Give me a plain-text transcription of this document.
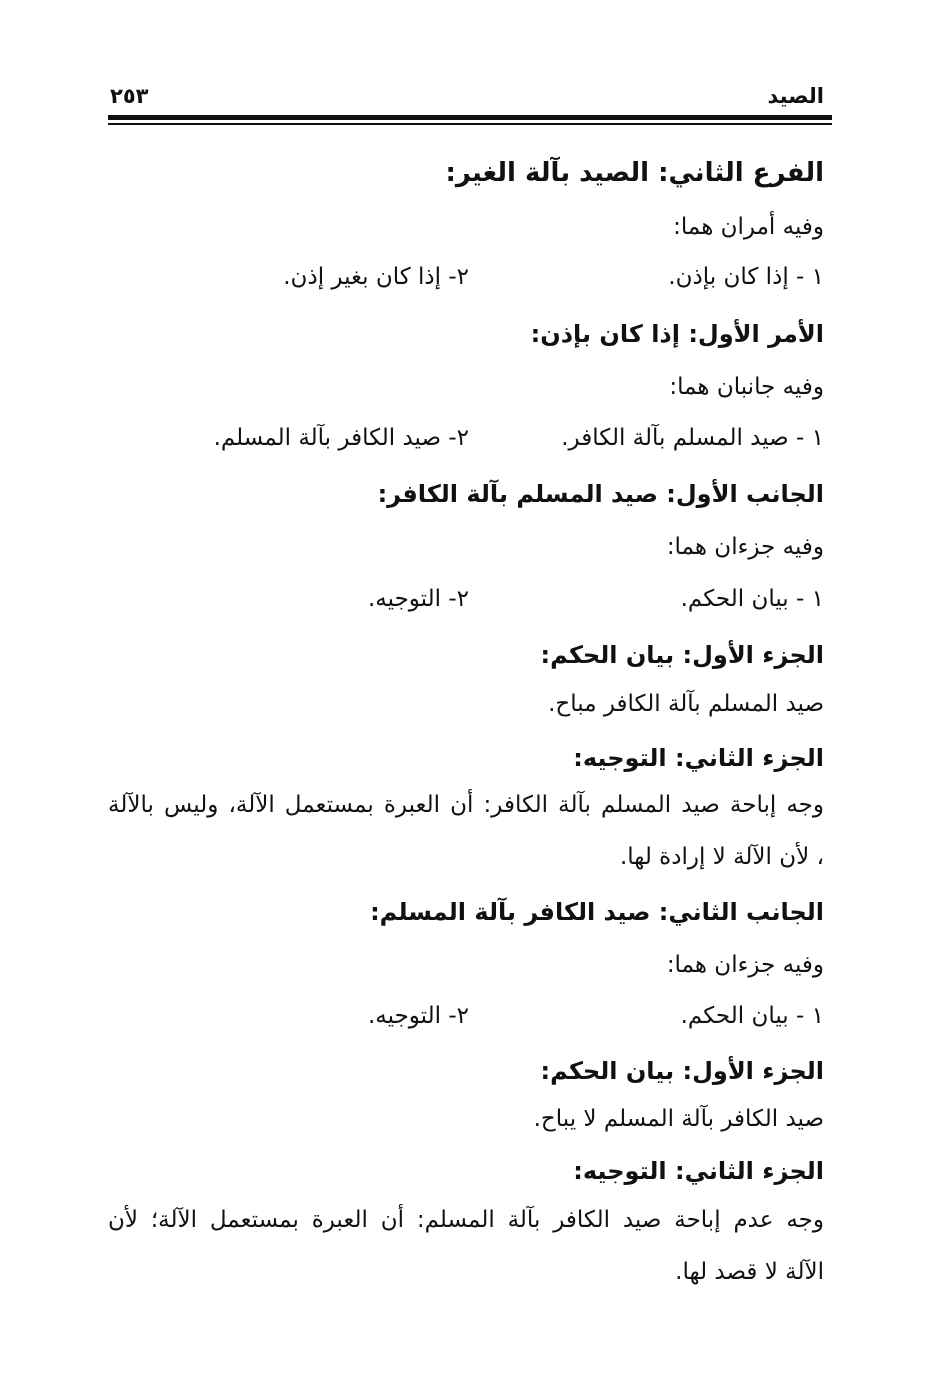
الصيد
٢٥٣
الفرع الثاني: الصيد بآلة الغير:
وفيه أمران هما:
١ - إذا كان بإذن.
٢- إذا كان بغير إذن.
الأمر الأول: إذا كان بإذن:
وفيه جانبان هما:
١ - صيد المسلم بآلة الكافر.
٢- صيد الكافر بآلة المسلم.
الجانب الأول: صيد المسلم بآلة الكافر:
وفيه جزءان هما:
١ - بيان الحكم.
٢- التوجيه.
الجزء الأول: بيان الحكم:
صيد المسلم بآلة الكافر مباح.
الجزء الثاني: التوجيه:
وجه إباحة صيد المسلم بآلة الكافر: أن العبرة بمستعمل الآلة، وليس بالآلة
، لأن الآلة لا إرادة لها.
الجانب الثاني: صيد الكافر بآلة المسلم:
وفيه جزءان هما:
١ - بيان الحكم.
٢- التوجيه.
الجزء الأول: بيان الحكم:
صيد الكافر بآلة المسلم لا يباح.
الجزء الثاني: التوجيه:
وجه عدم إباحة صيد الكافر بآلة المسلم: أن العبرة بمستعمل الآلة؛ لأن
الآلة لا قصد لها.
